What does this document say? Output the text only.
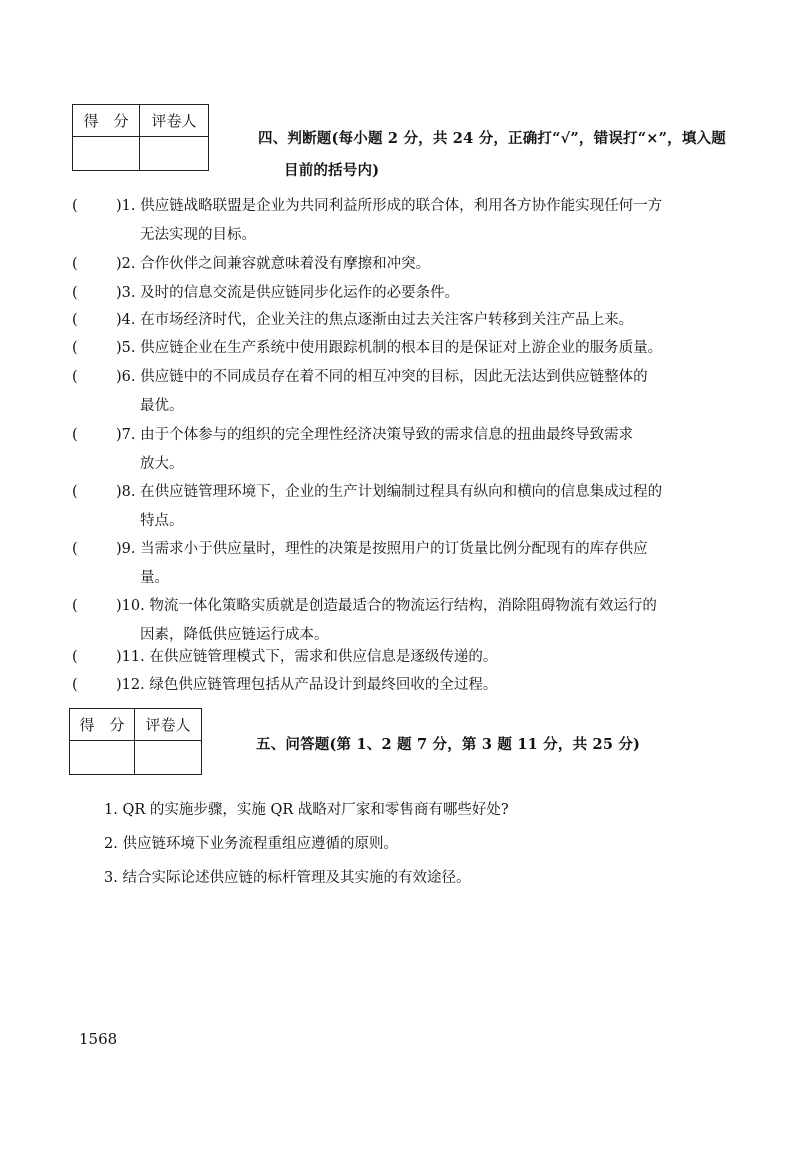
得　分	评卷人

四、判断题(每小题 2 分，共 24 分，正确打“√”，错误打“×”，填入题
目前的括号内)
(　　 )1. 供应链战略联盟是企业为共同利益所形成的联合体，利用各方协作能实现任何一方
无法实现的目标。
(　　 )2. 合作伙伴之间兼容就意味着没有摩擦和冲突。
(　　 )3. 及时的信息交流是供应链同步化运作的必要条件。
(　　 )4. 在市场经济时代，企业关注的焦点逐渐由过去关注客户转移到关注产品上来。
(　　 )5. 供应链企业在生产系统中使用跟踪机制的根本目的是保证对上游企业的服务质量。
(　　 )6. 供应链中的不同成员存在着不同的相互冲突的目标，因此无法达到供应链整体的
最优。
(　　 )7. 由于个体参与的组织的完全理性经济决策导致的需求信息的扭曲最终导致需求
放大。
(　　 )8. 在供应链管理环境下，企业的生产计划编制过程具有纵向和横向的信息集成过程的
特点。
(　　 )9. 当需求小于供应量时，理性的决策是按照用户的订货量比例分配现有的库存供应
量。
(　　 )10. 物流一体化策略实质就是创造最适合的物流运行结构，消除阻碍物流有效运行的
因素，降低供应链运行成本。
(　　 )11. 在供应链管理模式下，需求和供应信息是逐级传递的。
(　　 )12. 绿色供应链管理包括从产品设计到最终回收的全过程。
得　分	评卷人

五、问答题(第 1、2 题 7 分，第 3 题 11 分，共 25 分)
1. QR 的实施步骤，实施 QR 战略对厂家和零售商有哪些好处?
2. 供应链环境下业务流程重组应遵循的原则。
3. 结合实际论述供应链的标杆管理及其实施的有效途径。
1568
